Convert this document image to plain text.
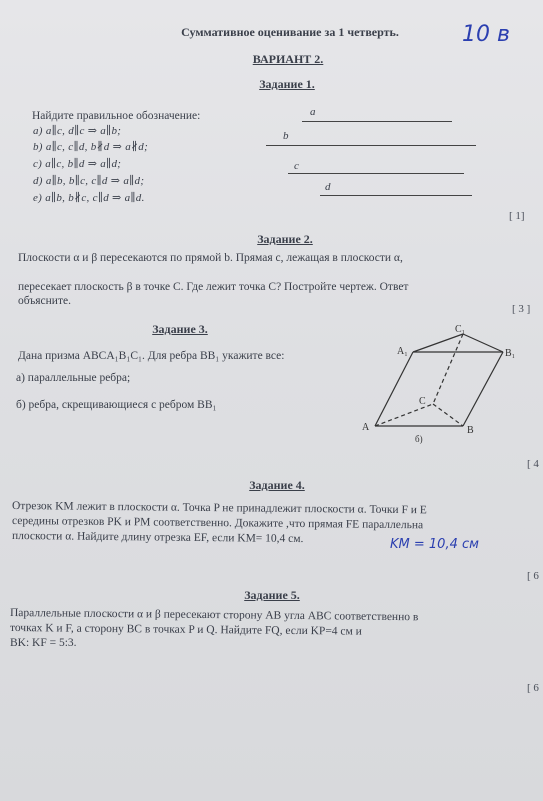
Суммативное оценивание за 1 четверть.	10 в
ВАРИАНТ 2.
Задание 1.
Найдите правильное обозначение:
a) a∥c, d∥c ⇒ a∥b;
b) a∥c, c∥d, b∦d ⇒ a∦d;
c) a∥c, b∥d ⇒ a∥d;
d) a∥b, b∥c, c∥d ⇒ a∥d;
e) a∥b, b∦c, c∥d ⇒ a∥d.
a
b
c
d
[ 1]
Задание 2.
Плоскости α и β пересекаются по прямой b. Прямая c, лежащая в плоскости α,
пересекает плоскость β в точке C. Где лежит точка C? Постройте чертеж. Ответ
объясните.
[ 3 ]
Задание 3.
Дана призма ABCA₁B₁C₁. Для ребра BB₁ укажите все:
а) параллельные ребра;
б) ребра, скрещивающиеся с ребром BB₁
C₁
A₁	B₁
C
A	B
б)
[ 4
Задание 4.
Отрезок KM лежит в плоскости α. Точка P не принадлежит плоскости α. Точки F и E
середины отрезков PK и PM соответственно. Докажите ,что прямая FE параллельна
плоскости α. Найдите длину отрезка EF, если KM= 10,4 см.	KM = 10,4 см
[ 6
Задание 5.
Параллельные плоскости α и β пересекают сторону AB угла ABC соответственно в
точках K и F, а сторону BC в точках P и Q. Найдите FQ, если KP=4 см и
BK: KF = 5:3.
[ 6
